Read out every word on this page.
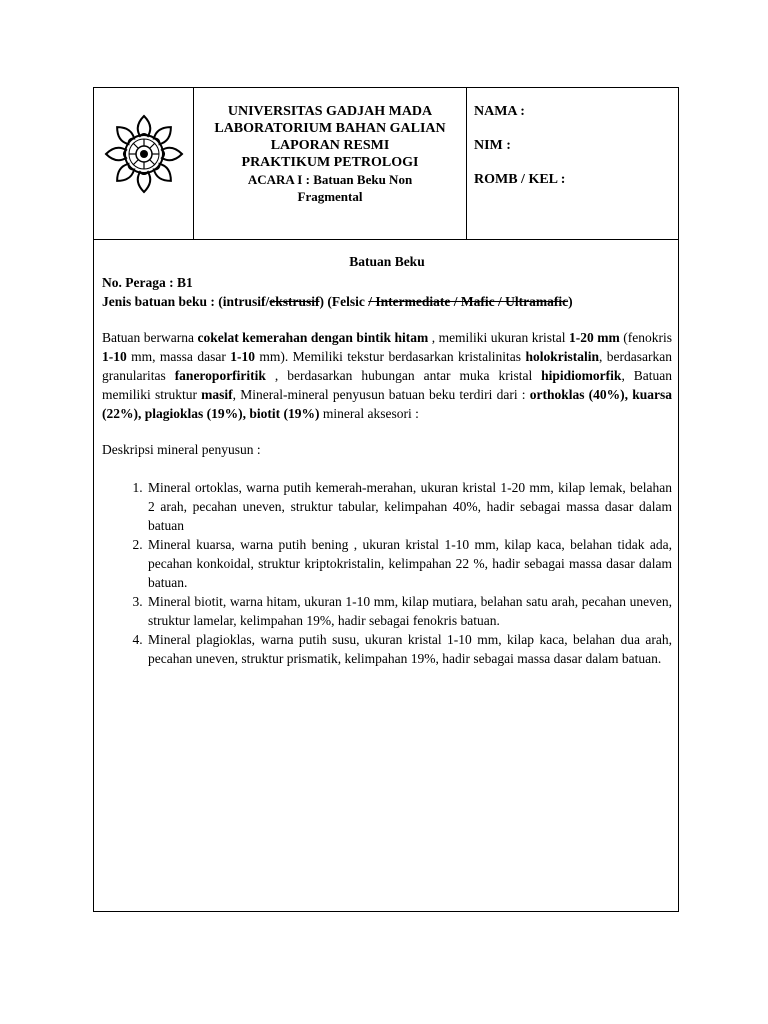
UNIVERSITAS GADJAH MADA
LABORATORIUM BAHAN GALIAN
LAPORAN RESMI
PRAKTIKUM PETROLOGI
ACARA I : Batuan Beku Non
Fragmental
NAMA :
NIM :
ROMB / KEL :

Batuan Beku

No. Peraga : B1

Jenis batuan beku : (intrusif/ekstrusif) (Felsic / Intermediate / Mafic / Ultramafic)

Batuan berwarna cokelat kemerahan dengan bintik hitam , memiliki ukuran kristal 1-20 mm (fenokris 1-10 mm, massa dasar 1-10 mm). Memiliki tekstur berdasarkan kristalinitas holokristalin, berdasarkan granularitas faneroporfiritik , berdasarkan hubungan antar muka kristal hipidiomorfik, Batuan memiliki struktur masif, Mineral-mineral penyusun batuan beku terdiri dari : orthoklas (40%), kuarsa (22%), plagioklas (19%), biotit (19%) mineral aksesori :

Deskripsi mineral penyusun :

1. Mineral ortoklas, warna putih kemerah-merahan, ukuran kristal 1-20 mm, kilap lemak, belahan 2 arah, pecahan uneven, struktur tabular, kelimpahan 40%, hadir sebagai massa dasar dalam batuan
2. Mineral kuarsa, warna putih bening , ukuran kristal 1-10 mm, kilap kaca, belahan tidak ada, pecahan konkoidal, struktur kriptokristalin, kelimpahan 22 %, hadir sebagai massa dasar dalam batuan.
3. Mineral biotit, warna hitam, ukuran 1-10 mm, kilap mutiara, belahan satu arah, pecahan uneven, struktur lamelar, kelimpahan 19%, hadir sebagai fenokris batuan.
4. Mineral plagioklas, warna putih susu, ukuran kristal 1-10 mm, kilap kaca, belahan dua arah, pecahan uneven, struktur prismatik, kelimpahan 19%, hadir sebagai massa dasar dalam batuan.
